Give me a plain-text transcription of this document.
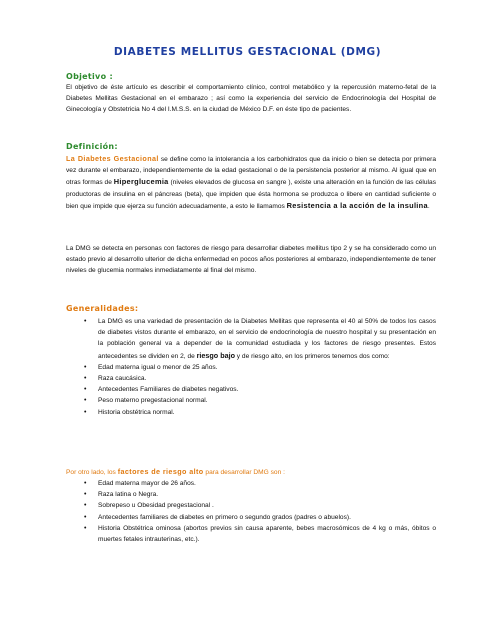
DIABETES MELLITUS GESTACIONAL (DMG)
Objetivo :
El objetivo de éste artículo es describir el comportamiento clínico, control metabólico y la repercusión materno-fetal de la Diabetes Mellitas Gestacional en el embarazo ; así como la experiencia del servicio de Endocrinología del Hospital de Ginecología y Obstetricia No 4 del I.M.S.S. en la ciudad de México D.F. en éste tipo de pacientes.
Definición:
La Diabetes Gestacional se define como la intolerancia a los carbohidratos que da inicio o bien se detecta por primera vez durante el embarazo, independientemente de la edad gestacional o de la persistencia posterior al mismo. Al igual que en otras formas de Hiperglucemia (niveles elevados de glucosa en sangre ), existe una alteración en la función de las células productoras de insulina en el páncreas (beta), que impiden que ésta hormona se produzca o libere en cantidad suficiente o bien que impide que ejerza su función adecuadamente, a esto le llamamos Resistencia a la acción de la insulina.
La DMG se detecta en personas con factores de riesgo para desarrollar diabetes mellitus tipo 2 y se ha considerado como un estado previo al desarrollo ulterior de dicha enfermedad en pocos años posteriores al embarazo, independientemente de tener niveles de glucemia normales inmediatamente al final del mismo.
Generalidades:
• La DMG es una variedad de presentación de la Diabetes Mellitas que representa el 40 al 50% de todos los casos de diabetes vistos durante el embarazo, en el servicio de endocrinología de nuestro hospital y su presentación en la población general va a depender de la comunidad estudiada y los factores de riesgo presentes. Estos antecedentes se dividen en 2, de riesgo bajo y de riesgo alto, en los primeros tenemos dos como:
• Edad materna igual o menor de 25 años.
• Raza caucásica.
• Antecedentes Familiares de diabetes negativos.
• Peso materno pregestacional normal.
• Historia obstétrica normal.
Por otro lado, los factores de riesgo alto para desarrollar DMG son :
• Edad materna mayor de 26 años.
• Raza latina o Negra.
• Sobrepeso u Obesidad pregestacional .
• Antecedentes familiares de diabetes en primero o segundo grados (padres o abuelos).
• Historia Obstétrica ominosa (abortos previos sin causa aparente, bebes macrosómicos de 4 kg o más, óbitos o muertes fetales intrauterinas, etc.).
